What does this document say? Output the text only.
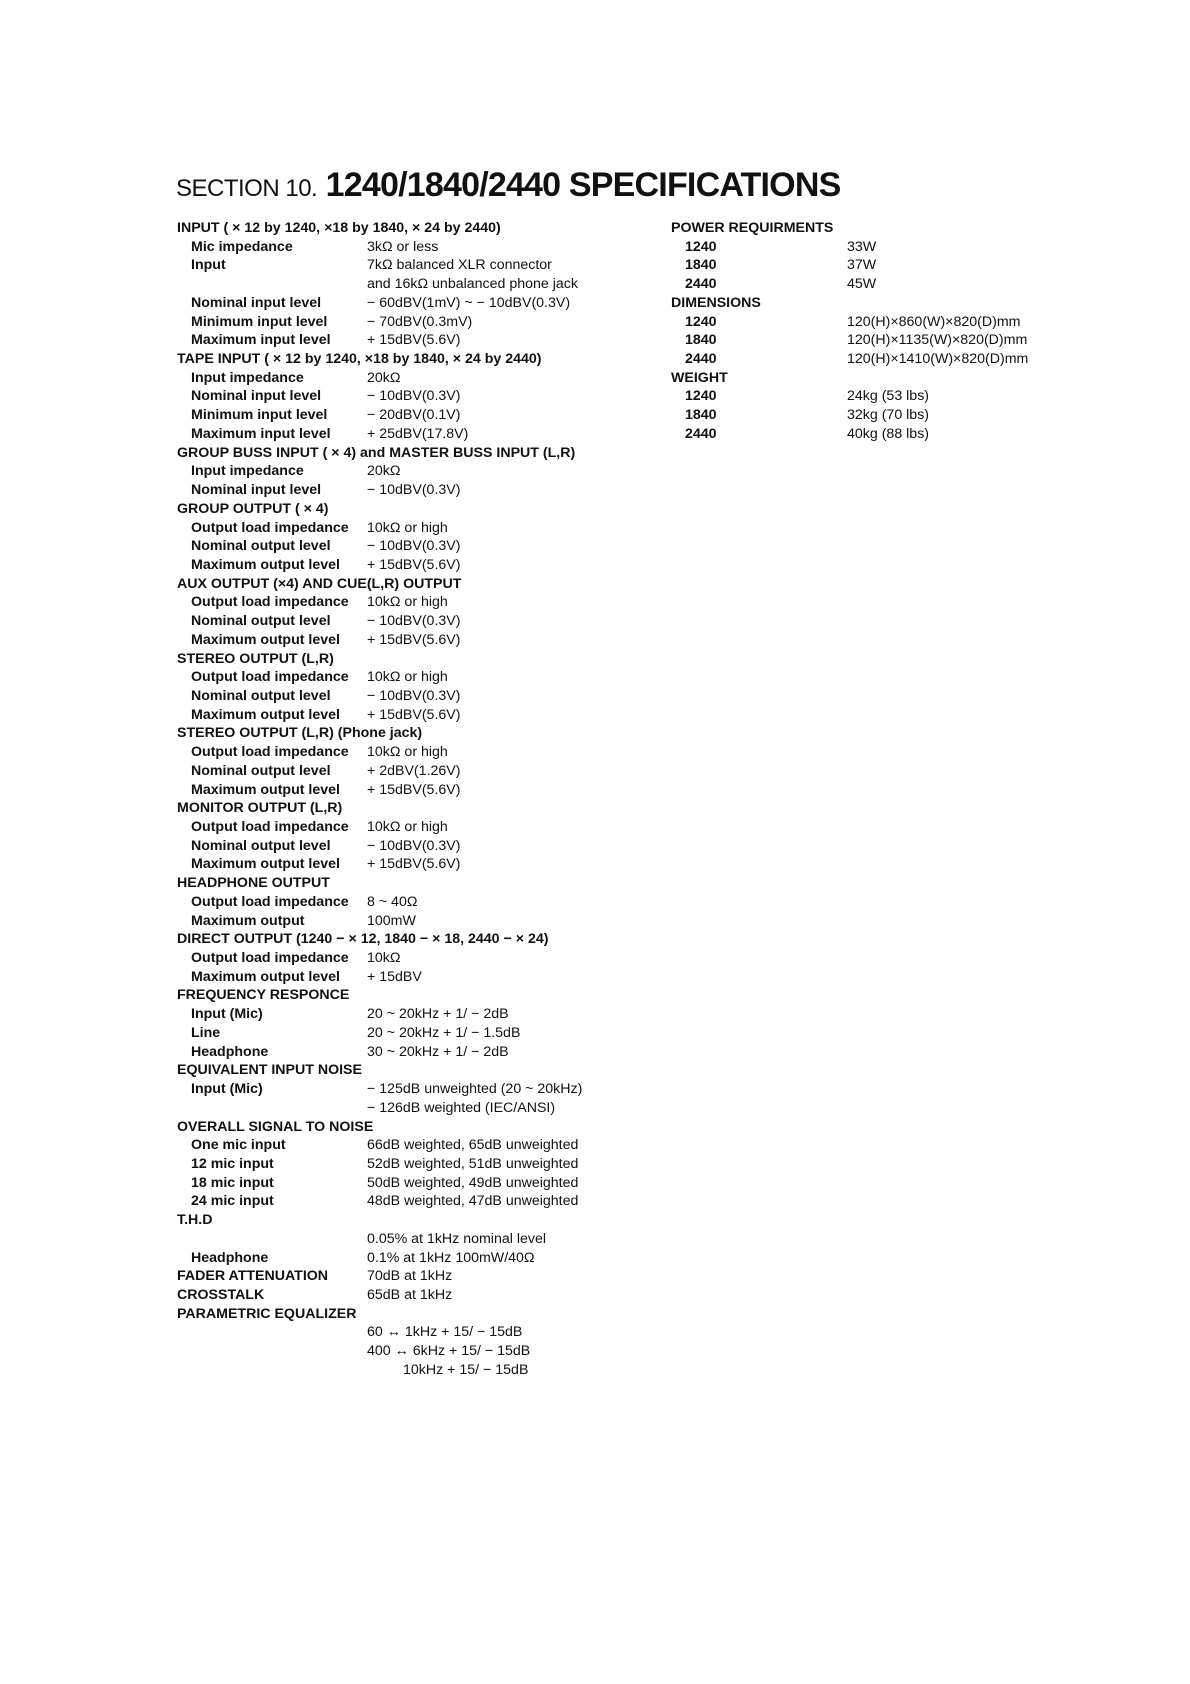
SECTION 10. 1240/1840/2440 SPECIFICATIONS
INPUT ( × 12 by 1240, ×18 by 1840, × 24 by 2440)
Mic impedance	3kΩ or less
Input	7kΩ balanced XLR connector
and 16kΩ unbalanced phone jack
Nominal input level	− 60dBV(1mV) ~ − 10dBV(0.3V)
Minimum input level	− 70dBV(0.3mV)
Maximum input level	+ 15dBV(5.6V)
TAPE INPUT ( × 12 by 1240, ×18 by 1840, × 24 by 2440)
Input impedance	20kΩ
Nominal input level	− 10dBV(0.3V)
Minimum input level	− 20dBV(0.1V)
Maximum input level	+ 25dBV(17.8V)
GROUP BUSS INPUT ( × 4) and MASTER BUSS INPUT (L,R)
Input impedance	20kΩ
Nominal input level	− 10dBV(0.3V)
GROUP OUTPUT ( × 4)
Output load impedance 10kΩ or high
Nominal output level	− 10dBV(0.3V)
Maximum output level + 15dBV(5.6V)
AUX OUTPUT (×4) AND CUE(L,R) OUTPUT
Output load impedance 10kΩ or high
Nominal output level	− 10dBV(0.3V)
Maximum output level + 15dBV(5.6V)
STEREO OUTPUT (L,R)
Output load impedance 10kΩ or high
Nominal output level	− 10dBV(0.3V)
Maximum output level + 15dBV(5.6V)
STEREO OUTPUT (L,R) (Phone jack)
Output load impedance 10kΩ or high
Nominal output level	+ 2dBV(1.26V)
Maximum output level + 15dBV(5.6V)
MONITOR OUTPUT (L,R)
Output load impedance 10kΩ or high
Nominal output level	− 10dBV(0.3V)
Maximum output level + 15dBV(5.6V)
HEADPHONE OUTPUT
Output load impedance 8 ~ 40Ω
Maximum output	100mW
DIRECT OUTPUT (1240 − × 12, 1840 − × 18, 2440 − × 24)
Output load impedance 10kΩ
Maximum output level + 15dBV
FREQUENCY RESPONCE
Input (Mic)	20 ~ 20kHz + 1/ − 2dB
Line	20 ~ 20kHz + 1/ − 1.5dB
Headphone	30 ~ 20kHz + 1/ − 2dB
EQUIVALENT INPUT NOISE
Input (Mic)	− 125dB unweighted (20 ~ 20kHz)
− 126dB weighted (IEC/ANSI)
OVERALL SIGNAL TO NOISE
One mic input	66dB weighted, 65dB unweighted
12 mic input	52dB weighted, 51dB unweighted
18 mic input	50dB weighted, 49dB unweighted
24 mic input	48dB weighted, 47dB unweighted
T.H.D
0.05% at 1kHz nominal level
Headphone	0.1% at 1kHz 100mW/40Ω
FADER ATTENUATION	70dB at 1kHz
CROSSTALK	65dB at 1kHz
PARAMETRIC EQUALIZER
60 ↔ 1kHz + 15/ − 15dB
400 ↔ 6kHz + 15/ − 15dB
10kHz + 15/ − 15dB
POWER REQUIRMENTS
1240	33W
1840	37W
2440	45W
DIMENSIONS
1240	120(H)×860(W)×820(D)mm
1840	120(H)×1135(W)×820(D)mm
2440	120(H)×1410(W)×820(D)mm
WEIGHT
1240	24kg (53 lbs)
1840	32kg (70 lbs)
2440	40kg (88 lbs)
